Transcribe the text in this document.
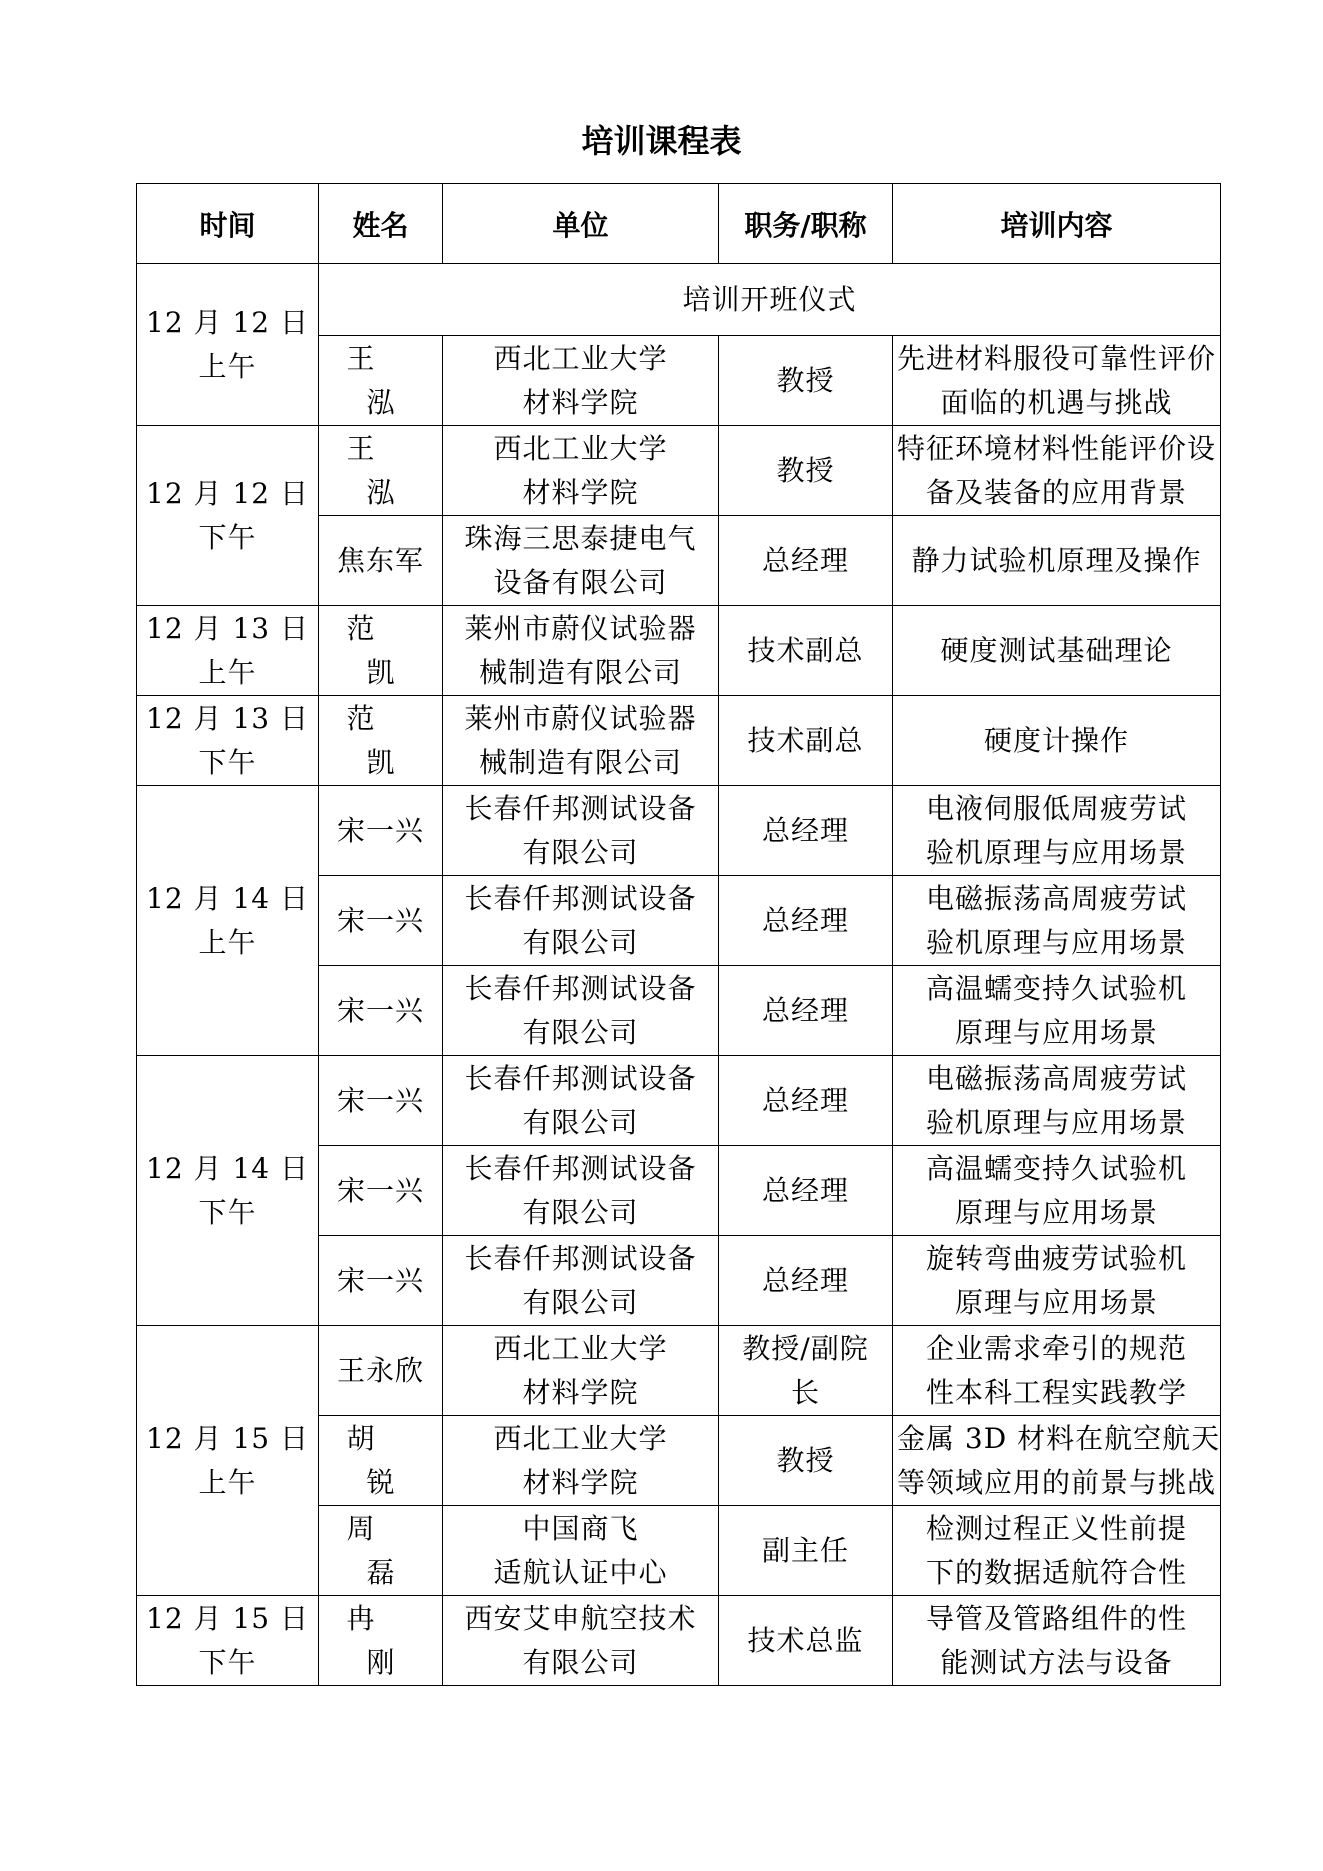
培训课程表
时间	姓名	单位	职务/职称	培训内容

12 月 12 日
上午	培训开班仪式			
	王泓	西北工业大学
材料学院	教授	先进材料服役可靠性评价
面临的机遇与挑战

12 月 12 日
下午	王泓	西北工业大学
材料学院	教授	特征环境材料性能评价设
备及装备的应用背景

	焦东军	珠海三思泰捷电气
设备有限公司	总经理	静力试验机原理及操作

12 月 13 日
上午	范凯	莱州市蔚仪试验器
械制造有限公司	技术副总	硬度测试基础理论

12 月 13 日
下午	范凯	莱州市蔚仪试验器
械制造有限公司	技术副总	硬度计操作

12 月 14 日
上午	宋一兴	长春仟邦测试设备
有限公司	总经理	电液伺服低周疲劳试
验机原理与应用场景

	宋一兴	长春仟邦测试设备
有限公司	总经理	电磁振荡高周疲劳试
验机原理与应用场景

	宋一兴	长春仟邦测试设备
有限公司	总经理	高温蠕变持久试验机
原理与应用场景

12 月 14 日
下午	宋一兴	长春仟邦测试设备
有限公司	总经理	电磁振荡高周疲劳试
验机原理与应用场景

	宋一兴	长春仟邦测试设备
有限公司	总经理	高温蠕变持久试验机
原理与应用场景

	宋一兴	长春仟邦测试设备
有限公司	总经理	旋转弯曲疲劳试验机
原理与应用场景

12 月 15 日
上午	王永欣	西北工业大学
材料学院	教授/副院
长	企业需求牵引的规范
性本科工程实践教学

	胡锐	西北工业大学
材料学院	教授	金属 3D 材料在航空航天
等领域应用的前景与挑战

	周磊	中国商飞
适航认证中心	副主任	检测过程正义性前提
下的数据适航符合性

12 月 15 日
下午	冉刚	西安艾申航空技术
有限公司	技术总监	导管及管路组件的性
能测试方法与设备
